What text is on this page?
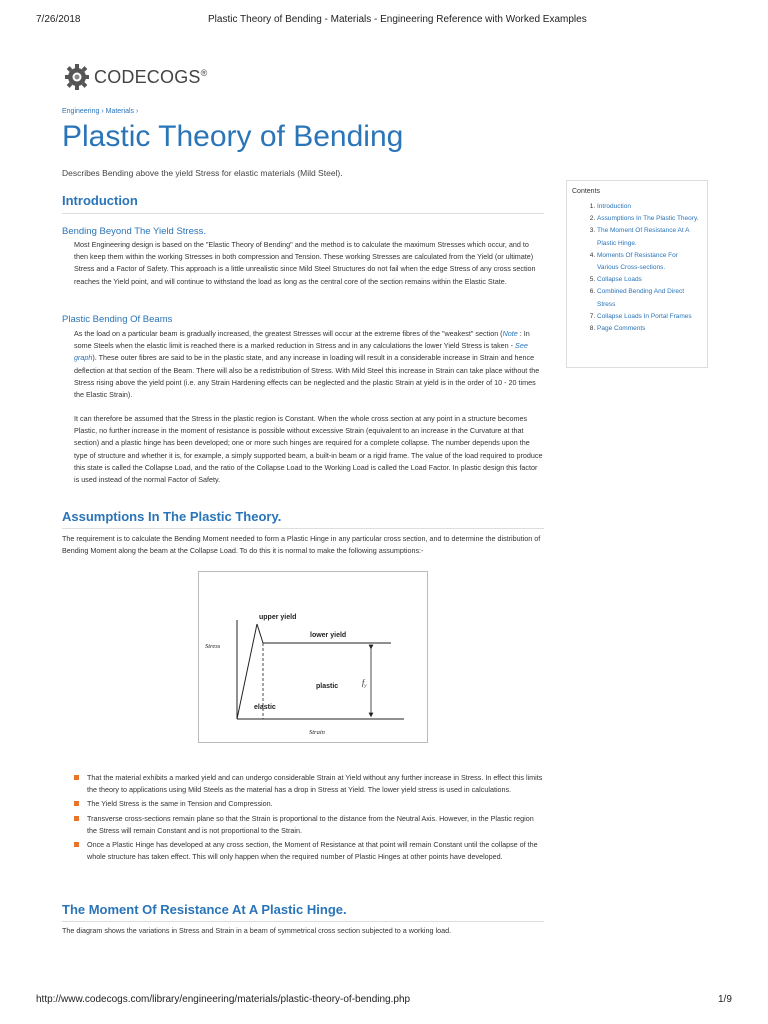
7/26/2018	Plastic Theory of Bending - Materials - Engineering Reference with Worked Examples
CODECOGS®
Engineering › Materials ›
Plastic Theory of Bending
Describes Bending above the yield Stress for elastic materials (Mild Steel).
Introduction
Bending Beyond The Yield Stress.
Most Engineering design is based on the "Elastic Theory of Bending" and the method is to calculate the maximum Stresses which occur, and to then keep them within the working Stresses in both compression and Tension. These working Stresses are calculated from the Yield (or ultimate) Stress and a Factor of Safety. This approach is a little unrealistic since Mild Steel Structures do not fail when the edge Stress of any cross section reaches the Yield point, and will continue to withstand the load as long as the central core of the section remains within the Elastic State.
Plastic Bending Of Beams
As the load on a particular beam is gradually increased, the greatest Stresses will occur at the extreme fibres of the "weakest" section (Note : In some Steels when the elastic limit is reached there is a marked reduction in Stress and in any calculations the lower Yield Stress is taken - See graph). These outer fibres are said to be in the plastic state, and any increase in loading will result in a considerable increase in Strain and hence deflection at that section of the Beam. There will also be a redistribution of Stress. With Mild Steel this increase in Strain can take place without the Stress rising above the yield point (i.e. any Strain Hardening effects can be neglected and the plastic Strain at yield is in the order of 10 - 20 times the Elastic Strain).
It can therefore be assumed that the Stress in the plastic region is Constant. When the whole cross section at any point in a structure becomes Plastic, no further increase in the moment of resistance is possible without excessive Strain (equivalent to an increase in the Curvature at that section) and a plastic hinge has been developed; one or more such hinges are required for a complete collapse. The number depends upon the type of structure and whether it is, for example, a simply supported beam, a built-in beam or a rigid frame. The value of the load required to produce this state is called the Collapse Load, and the ratio of the Collapse Load to the Working Load is called the Load Factor. In plastic design this factor is used instead of the normal Factor of Safety.
Contents
1. Introduction
2. Assumptions In The Plastic Theory.
3. The Moment Of Resistance At A Plastic Hinge.
4. Moments Of Resistance For Various Cross-sections.
5. Collapse Loads
6. Combined Bending And Direct Stress
7. Collapse Loads In Portal Frames
8. Page Comments
Assumptions In The Plastic Theory.
The requirement is to calculate the Bending Moment needed to form a Plastic Hinge in any particular cross section, and to determine the distribution of Bending Moment along the beam at the Collapse Load. To do this it is normal to make the following assumptions:-
upper yield
lower yield
Stress
plastic
elastic
Strain
$f_y$
That the material exhibits a marked yield and can undergo considerable Strain at Yield without any further increase in Stress. In effect this limits the theory to applications using Mild Steels as the material has a drop in Stress at Yield. The lower yield stress is used in calculations.
The Yield Stress is the same in Tension and Compression.
Transverse cross-sections remain plane so that the Strain is proportional to the distance from the Neutral Axis. However, in the Plastic region the Stress will remain Constant and is not proportional to the Strain.
Once a Plastic Hinge has developed at any cross section, the Moment of Resistance at that point will remain Constant until the collapse of the whole structure has taken effect. This will only happen when the required number of Plastic Hinges at other points have developed.
The Moment Of Resistance At A Plastic Hinge.
The diagram shows the variations in Stress and Strain in a beam of symmetrical cross section subjected to a working load.
http://www.codecogs.com/library/engineering/materials/plastic-theory-of-bending.php	1/9
